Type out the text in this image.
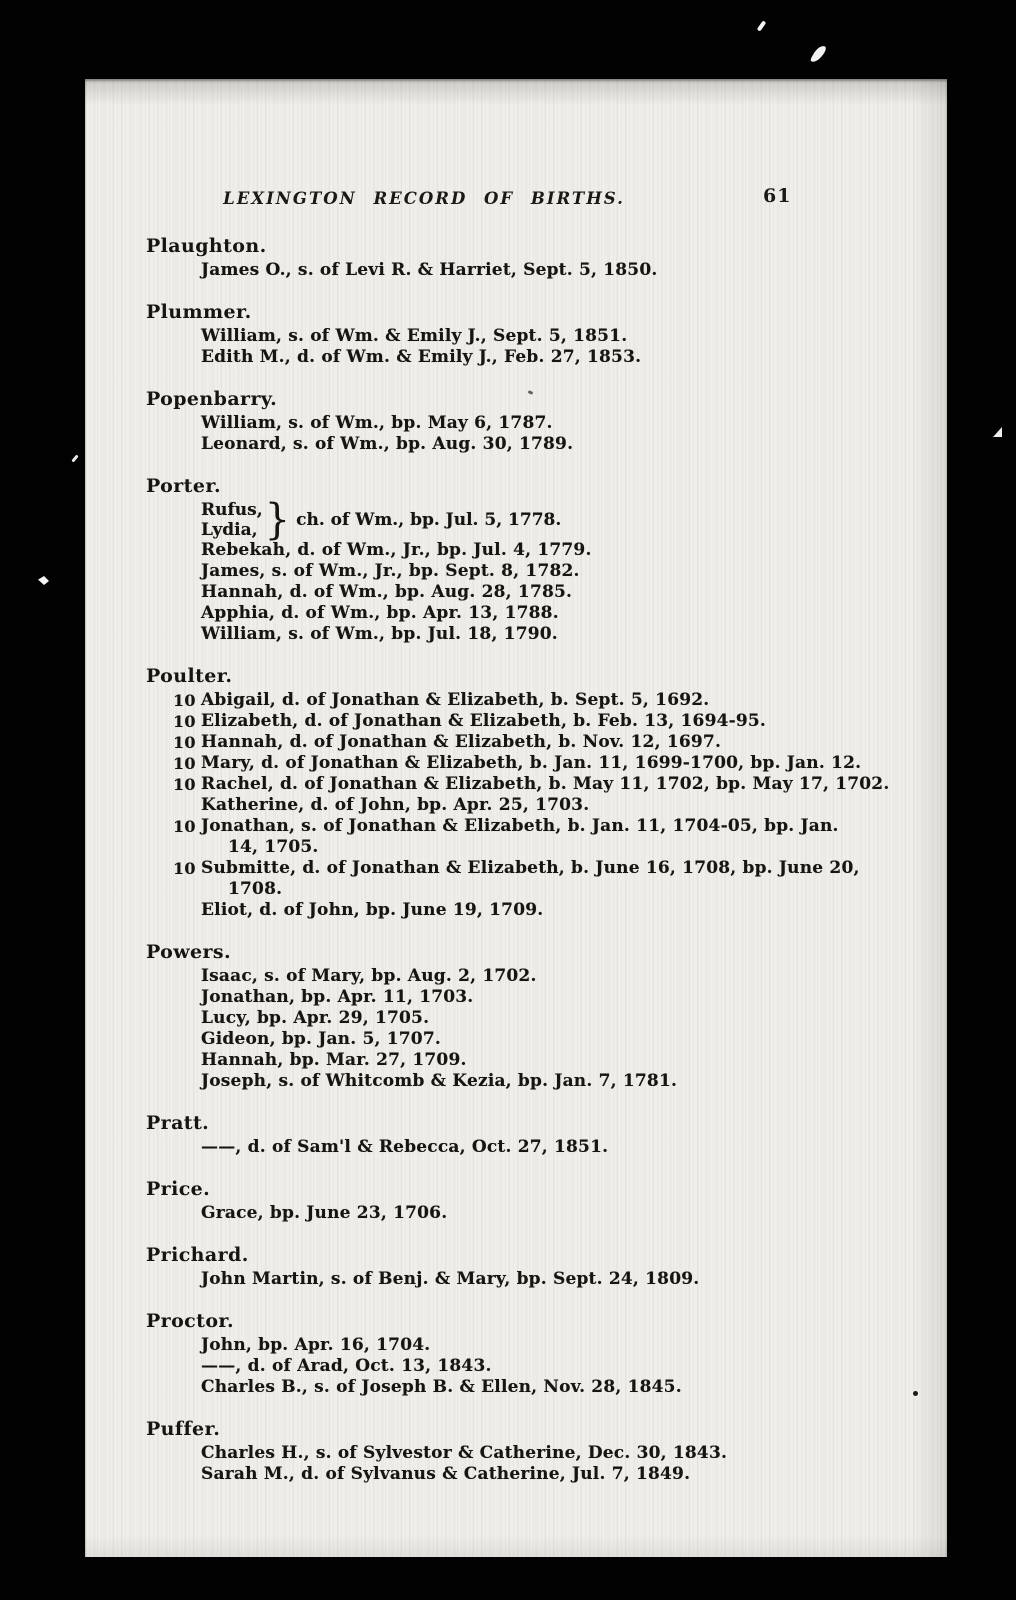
LEXINGTON RECORD OF BIRTHS.	61
Plaughton.
James O., s. of Levi R. & Harriet, Sept. 5, 1850.
Plummer.
William, s. of Wm. & Emily J., Sept. 5, 1851.
Edith M., d. of Wm. & Emily J., Feb. 27, 1853.
Popenbarry.
William, s. of Wm., bp. May 6, 1787.
Leonard, s. of Wm., bp. Aug. 30, 1789.
Porter.
Rufus,
Lydia, } ch. of Wm., bp. Jul. 5, 1778.
Rebekah, d. of Wm., Jr., bp. Jul. 4, 1779.
James, s. of Wm., Jr., bp. Sept. 8, 1782.
Hannah, d. of Wm., bp. Aug. 28, 1785.
Apphia, d. of Wm., bp. Apr. 13, 1788.
William, s. of Wm., bp. Jul. 18, 1790.
Poulter.
10 Abigail, d. of Jonathan & Elizabeth, b. Sept. 5, 1692.
10 Elizabeth, d. of Jonathan & Elizabeth, b. Feb. 13, 1694-95.
10 Hannah, d. of Jonathan & Elizabeth, b. Nov. 12, 1697.
10 Mary, d. of Jonathan & Elizabeth, b. Jan. 11, 1699-1700, bp. Jan. 12.
10 Rachel, d. of Jonathan & Elizabeth, b. May 11, 1702, bp. May 17, 1702.
Katherine, d. of John, bp. Apr. 25, 1703.
10 Jonathan, s. of Jonathan & Elizabeth, b. Jan. 11, 1704-05, bp. Jan.
14, 1705.
10 Submitte, d. of Jonathan & Elizabeth, b. June 16, 1708, bp. June 20,
1708.
Eliot, d. of John, bp. June 19, 1709.
Powers.
Isaac, s. of Mary, bp. Aug. 2, 1702.
Jonathan, bp. Apr. 11, 1703.
Lucy, bp. Apr. 29, 1705.
Gideon, bp. Jan. 5, 1707.
Hannah, bp. Mar. 27, 1709.
Joseph, s. of Whitcomb & Kezia, bp. Jan. 7, 1781.
Pratt.
——, d. of Sam'l & Rebecca, Oct. 27, 1851.
Price.
Grace, bp. June 23, 1706.
Prichard.
John Martin, s. of Benj. & Mary, bp. Sept. 24, 1809.
Proctor.
John, bp. Apr. 16, 1704.
——, d. of Arad, Oct. 13, 1843.
Charles B., s. of Joseph B. & Ellen, Nov. 28, 1845.
Puffer.
Charles H., s. of Sylvestor & Catherine, Dec. 30, 1843.
Sarah M., d. of Sylvanus & Catherine, Jul. 7, 1849.
